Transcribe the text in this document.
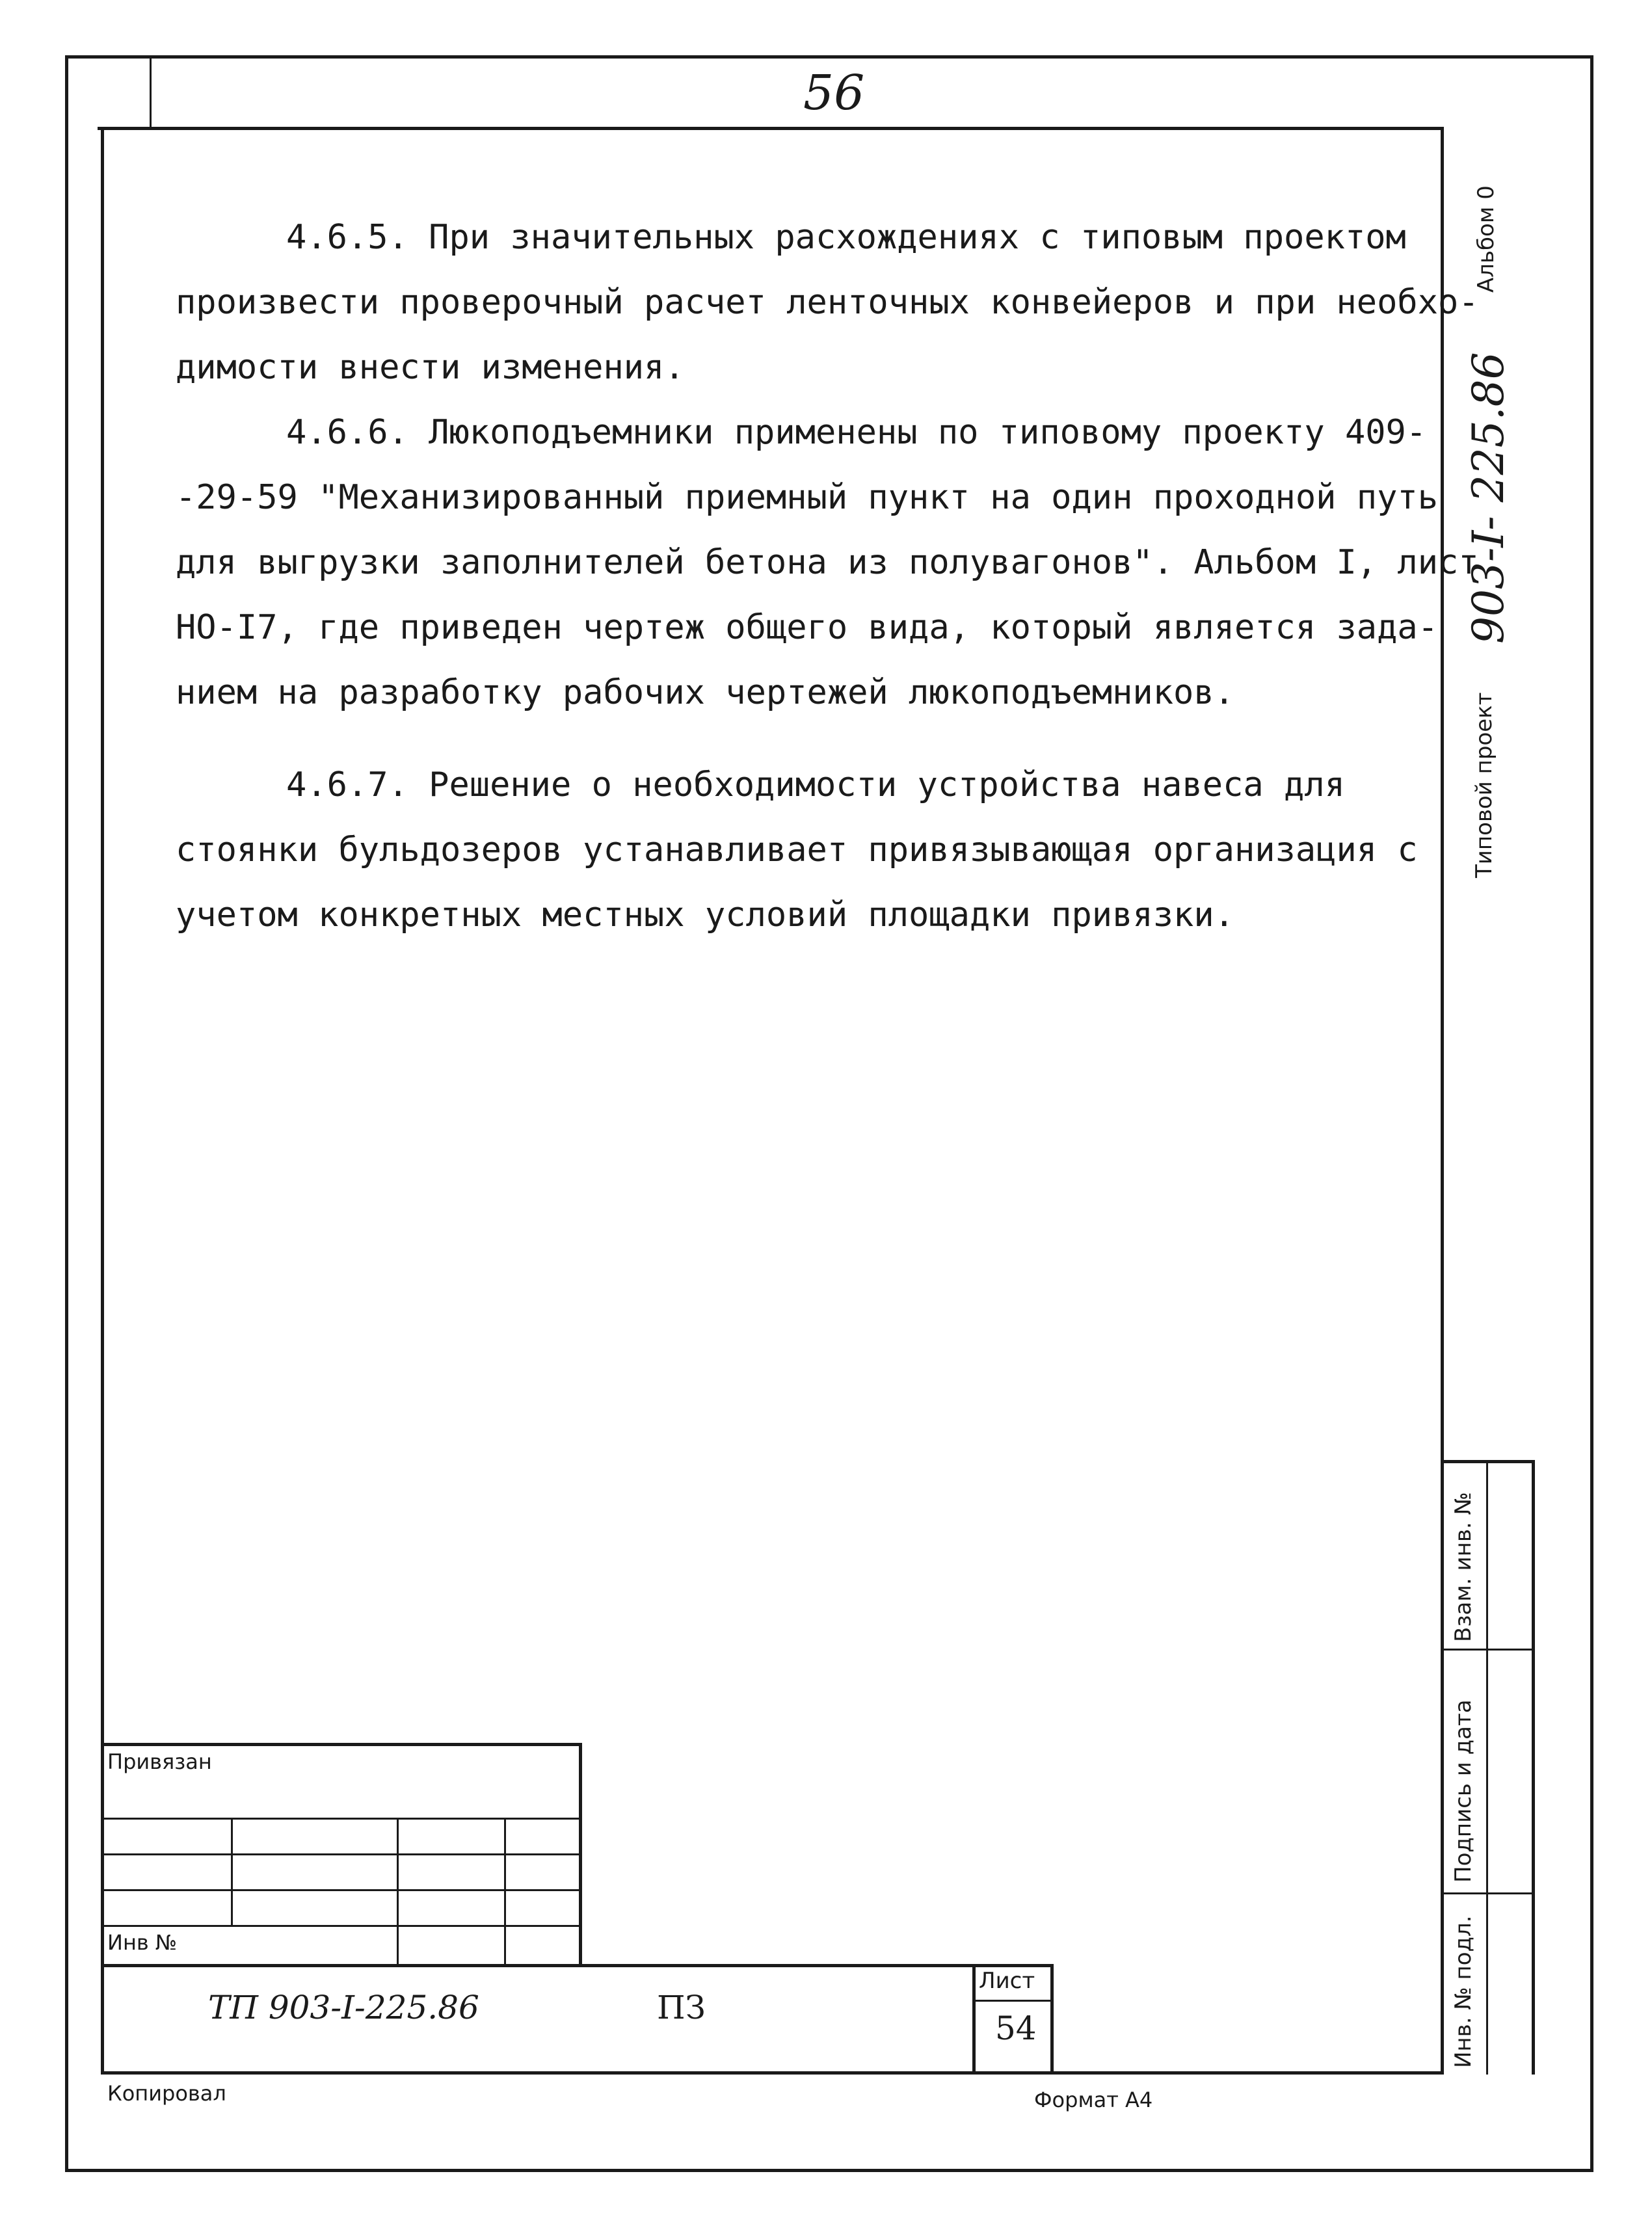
56

4.6.5. При значительных расхождениях с типовым проектом

произвести проверочный расчет ленточных конвейеров и при необхо-

димости внести изменения.

4.6.6. Люкоподъемники применены по типовому проекту 409-

-29-59 "Механизированный приемный пункт на один проходной путь

для выгрузки заполнителей бетона из полувагонов". Альбом I, лист

НО-I7, где приведен чертеж общего вида, который является зада-

нием на разработку рабочих чертежей люкоподъемников.

4.6.7. Решение о необходимости устройства навеса для

стоянки бульдозеров устанавливает привязывающая организация с

учетом конкретных местных условий площадки привязки.

Альбом 0
Типовой проект
903-I- 225.86
Взам. инв. №
Подпись и дата
Инв. № подл.
Привязан
Инв №
ТП 903-I-225.86	ПЗ
Лист
54
Копировал	Формат А4
